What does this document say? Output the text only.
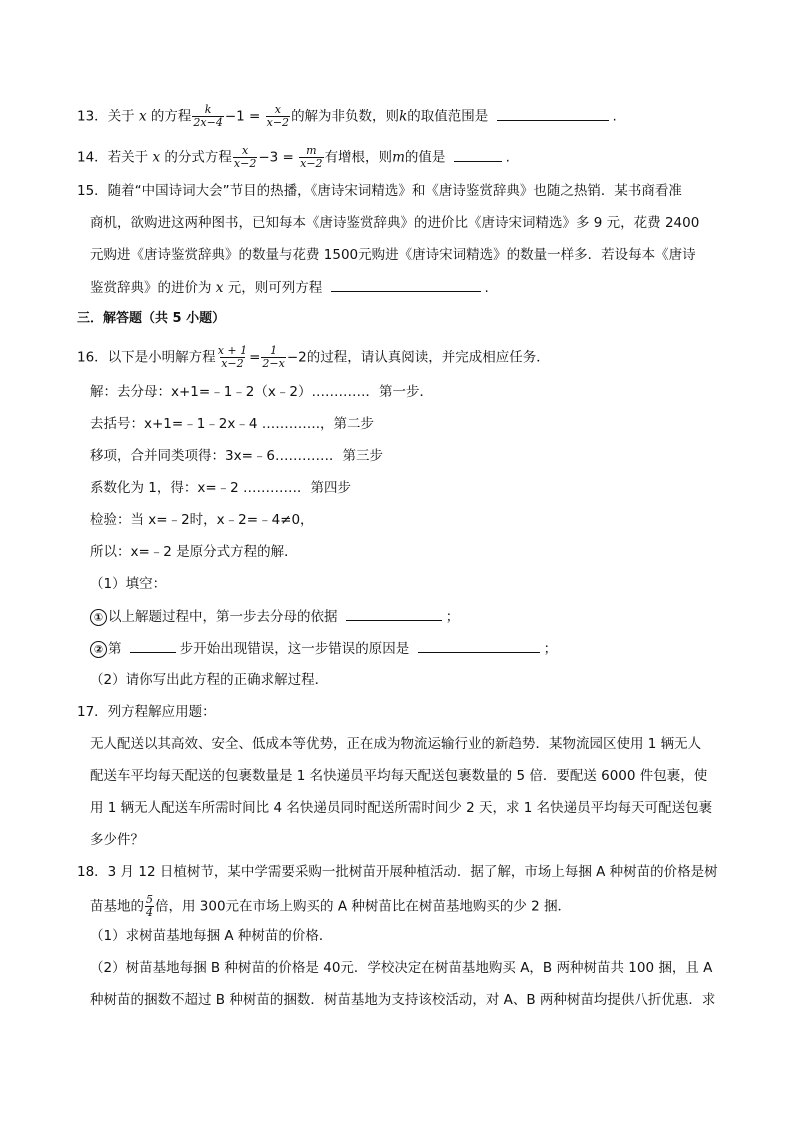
13．关于 x 的方程 $\frac{k}{2x-4} -1 = \frac{x}{x-2}$ 的解为非负数，则k的取值范围是	.
14．若关于 x 的分式方程 $\frac{x}{x-2} -3 = \frac{m}{x-2}$ 有增根，则m的值是	.
15．随着“中国诗词大会”节目的热播，《唐诗宋词精选》和《唐诗鉴赏辞典》也随之热销．某书商看准
商机，欲购进这两种图书，已知每本《唐诗鉴赏辞典》的进价比《唐诗宋词精选》多 9 元，花费 2400
元购进《唐诗鉴赏辞典》的数量与花费 1500元购进《唐诗宋词精选》的数量一样多．若设每本《唐诗
鉴赏辞典》的进价为 x 元，则可列方程	.
三．解答题（共 5 小题）
16．以下是小明解方程 $\frac{x + 1}{x-2} = \frac{1}{2-x} -2$的过程，请认真阅读，并完成相应任务．
解：去分母：x+1=﹣1﹣2（x﹣2）…………．第一步．
去括号：x+1=﹣1﹣2x﹣4 ………….，第二步
移项，合并同类项得：3x=﹣6…………．第三步
系数化为 1，得：x=﹣2 …………．第四步
检验：当 x=﹣2时，x﹣2=﹣4≠0，
所以：x=﹣2 是原分式方程的解．
（1）填空：
① 以上解题过程中，第一步去分母的依据	；
② 第	步开始出现错误，这一步错误的原因是	；
（2）请你写出此方程的正确求解过程．
17．列方程解应用题：
无人配送以其高效、安全、低成本等优势，正在成为物流运输行业的新趋势．某物流园区使用 1 辆无人
配送车平均每天配送的包裹数量是 1 名快递员平均每天配送包裹数量的 5 倍．要配送 6000 件包裹，使
用 1 辆无人配送车所需时间比 4 名快递员同时配送所需时间少 2 天，求 1 名快递员平均每天可配送包裹
多少件？
18．3 月 12 日植树节，某中学需要采购一批树苗开展种植活动．据了解，市场上每捆 A 种树苗的价格是树
苗基地的 $\frac{5}{4}$ 倍，用 300元在市场上购买的 A 种树苗比在树苗基地购买的少 2 捆．
（1）求树苗基地每捆 A 种树苗的价格．
（2）树苗基地每捆 B 种树苗的价格是 40元．学校决定在树苗基地购买 A，B 两种树苗共 100 捆，且 A
种树苗的捆数不超过 B 种树苗的捆数．树苗基地为支持该校活动，对 A、B 两种树苗均提供八折优惠．求
